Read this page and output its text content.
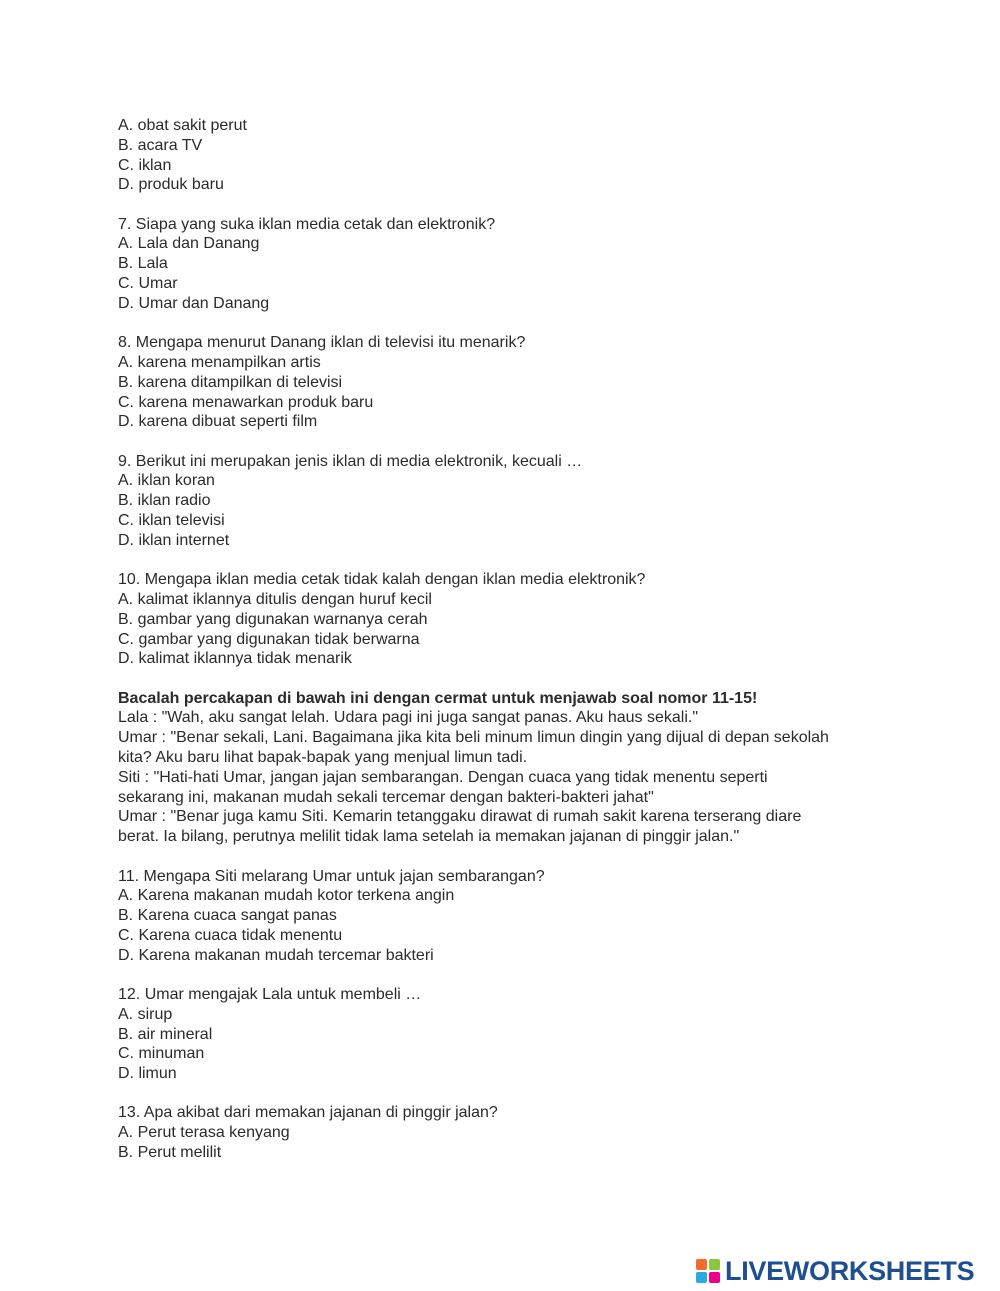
A. obat sakit perut
B. acara TV
C. iklan
D. produk baru
7. Siapa yang suka iklan media cetak dan elektronik?
A. Lala dan Danang
B. Lala
C. Umar
D. Umar dan Danang
8. Mengapa menurut Danang iklan di televisi itu menarik?
A. karena menampilkan artis
B. karena ditampilkan di televisi
C. karena menawarkan produk baru
D. karena dibuat seperti film
9. Berikut ini merupakan jenis iklan di media elektronik, kecuali …
A. iklan koran
B. iklan radio
C. iklan televisi
D. iklan internet
10. Mengapa iklan media cetak tidak kalah dengan iklan media elektronik?
A. kalimat iklannya ditulis dengan huruf kecil
B. gambar yang digunakan warnanya cerah
C. gambar yang digunakan tidak berwarna
D. kalimat iklannya tidak menarik
Bacalah percakapan di bawah ini dengan cermat untuk menjawab soal nomor 11-15!
Lala : "Wah, aku sangat lelah. Udara pagi ini juga sangat panas. Aku haus sekali."
Umar : "Benar sekali, Lani. Bagaimana jika kita beli minum limun dingin yang dijual di depan sekolah
kita? Aku baru lihat bapak-bapak yang menjual limun tadi.
Siti : "Hati-hati Umar, jangan jajan sembarangan. Dengan cuaca yang tidak menentu seperti
sekarang ini, makanan mudah sekali tercemar dengan bakteri-bakteri jahat"
Umar : "Benar juga kamu Siti. Kemarin tetanggaku dirawat di rumah sakit karena terserang diare
berat. Ia bilang, perutnya melilit tidak lama setelah ia memakan jajanan di pinggir jalan."
11. Mengapa Siti melarang Umar untuk jajan sembarangan?
A. Karena makanan mudah kotor terkena angin
B. Karena cuaca sangat panas
C. Karena cuaca tidak menentu
D. Karena makanan mudah tercemar bakteri
12. Umar mengajak Lala untuk membeli …
A. sirup
B. air mineral
C. minuman
D. limun
13. Apa akibat dari memakan jajanan di pinggir jalan?
A. Perut terasa kenyang
B. Perut melilit
LIVEWORKSHEETS
